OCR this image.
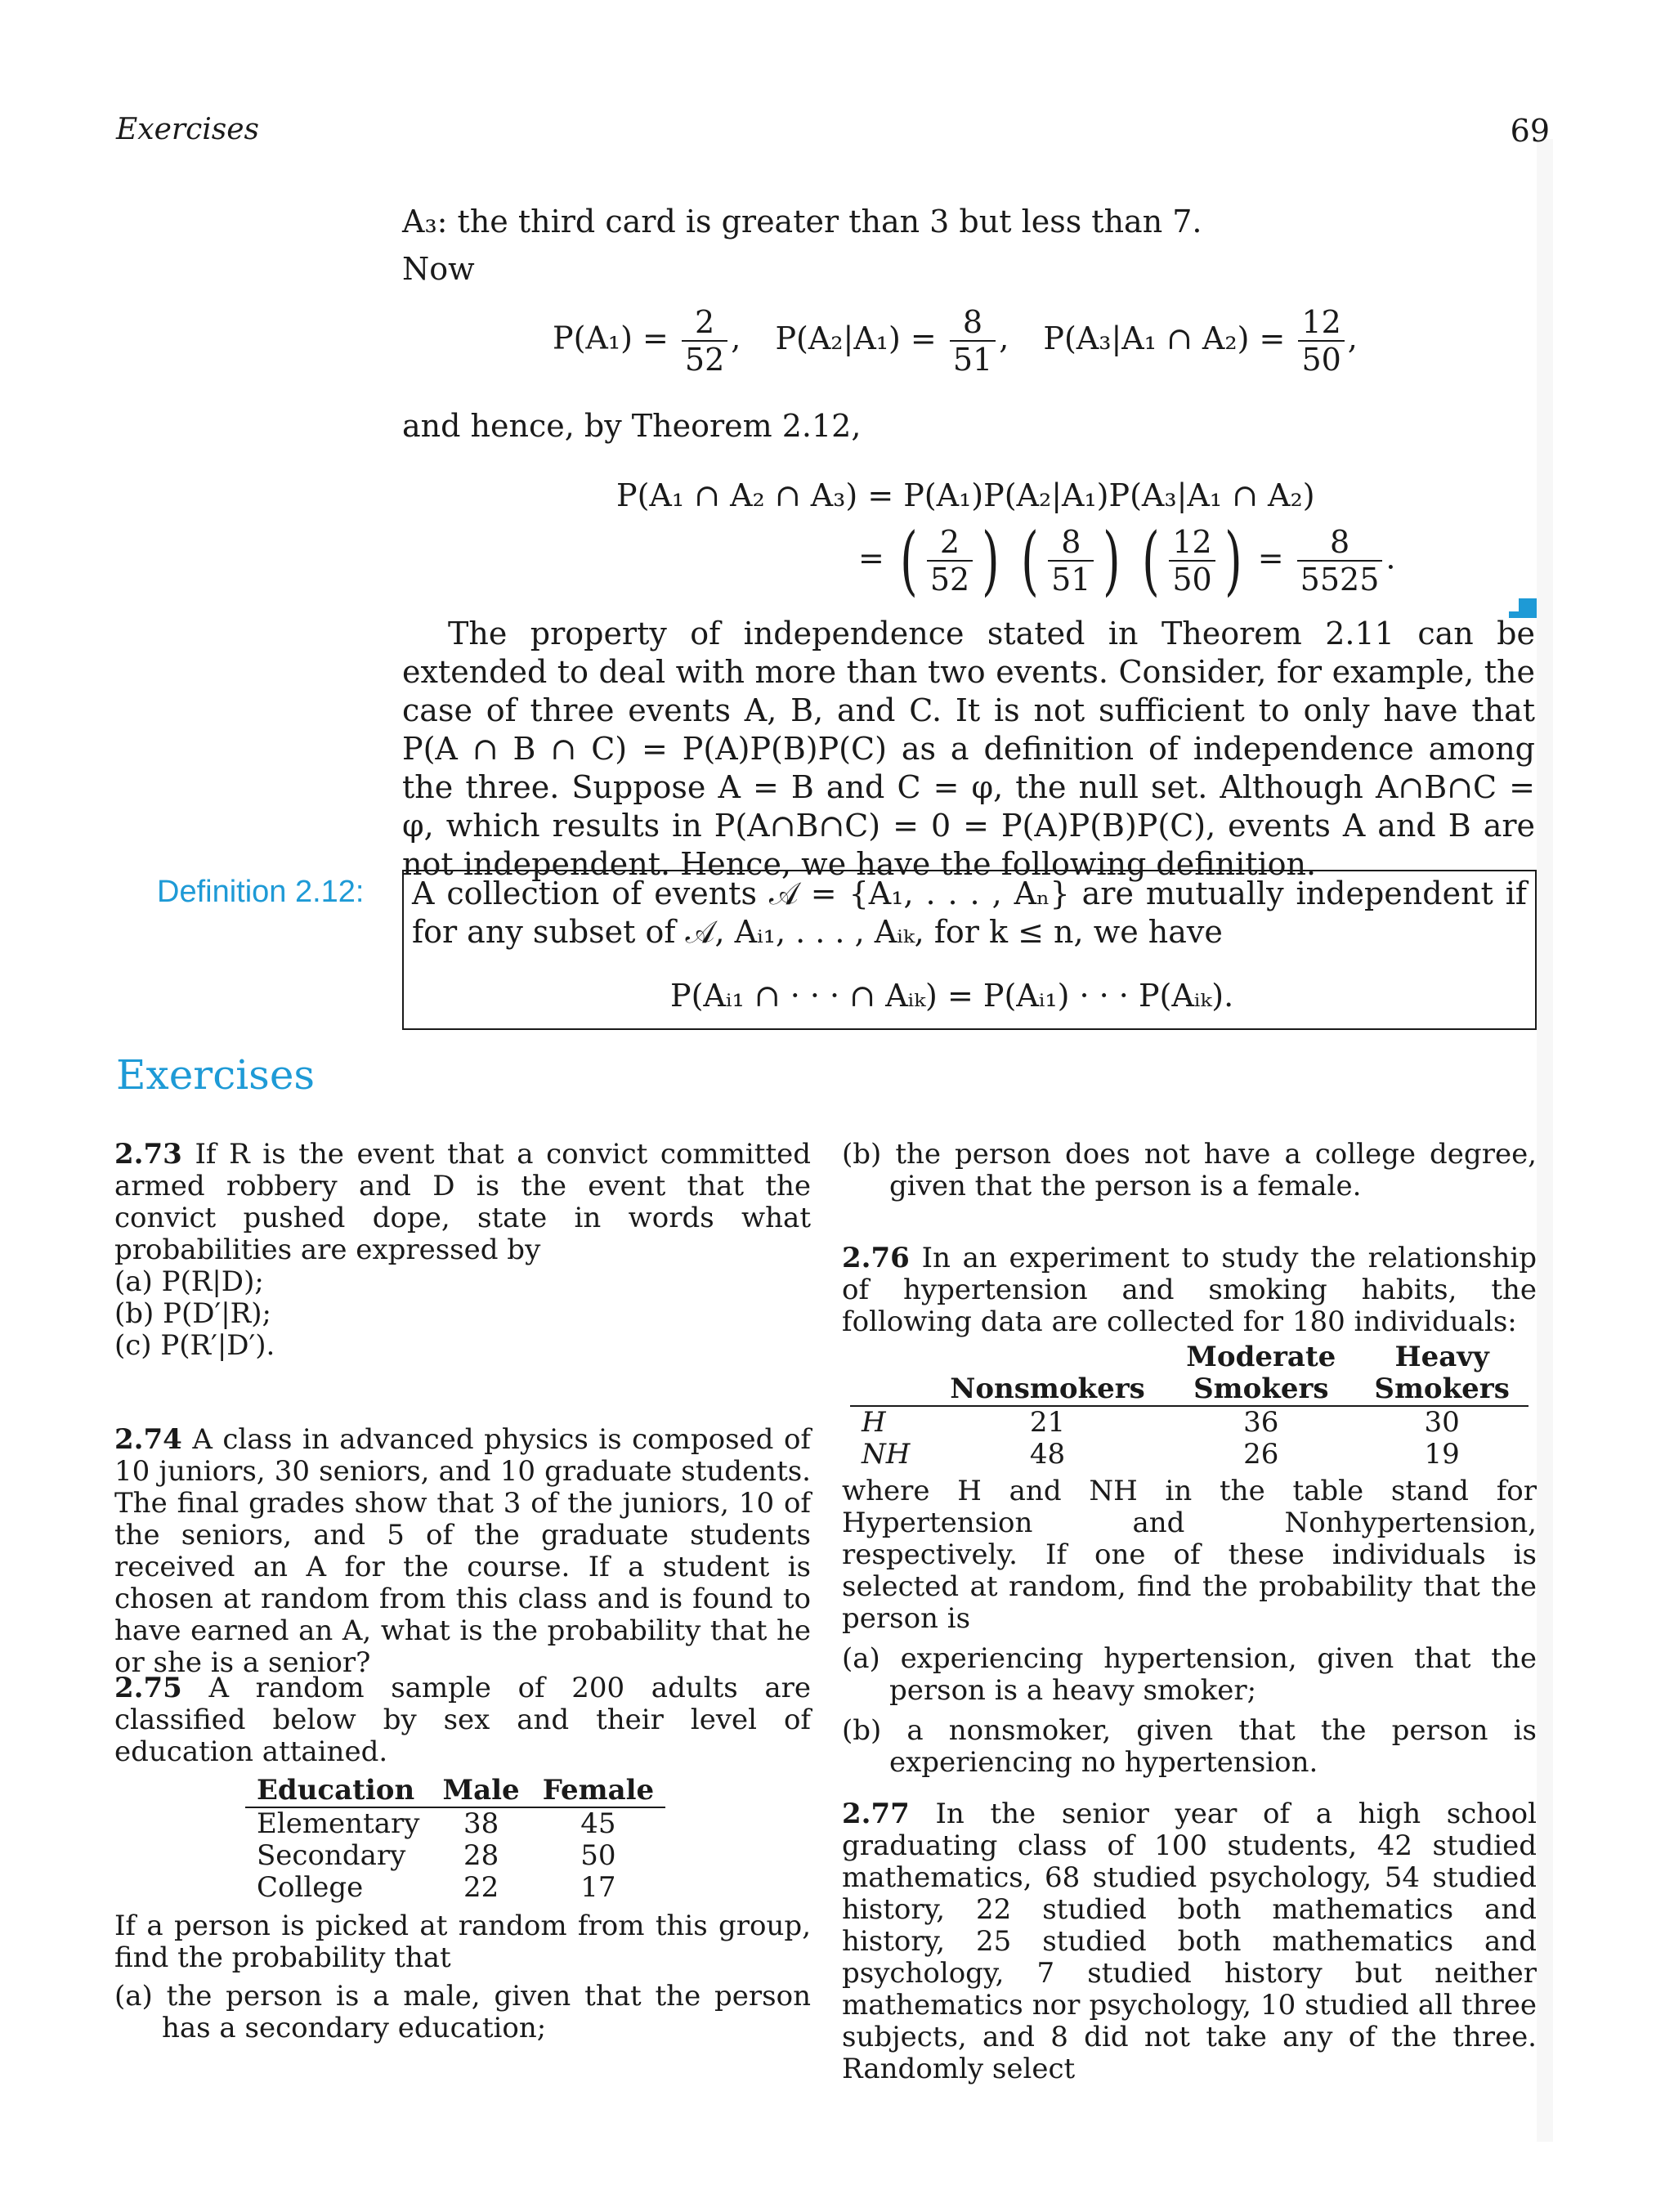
Exercises	69
A₃: the third card is greater than 3 but less than 7.
Now
$P(A_1) = \frac{2}{52}$ , $P(A_2|A_1) = \frac{8}{51}$ , P(A₃|A₁ ∩ $A_2) = \frac{12}{50}$ ,
and hence, by Theorem 2.12,
P(A₁ ∩ A₂ ∩ A₃) = P(A₁)P(A₂|A₁)P(A₃|A₁ ∩ A₂)
= ( $\frac{2}{52}$ ) ( $\frac{8}{51}$ ) ( $\frac{12}{50}$ ) = $\frac{8}{5525}$ .
The property of independence stated in Theorem 2.11 can be extended to deal with more than two events. Consider, for example, the case of three events A, B, and C. It is not sufficient to only have that P(A ∩ B ∩ C) = P(A)P(B)P(C) as a definition of independence among the three. Suppose A = B and C = φ, the null set. Although A∩B∩C = φ, which results in P(A∩B∩C) = 0 = P(A)P(B)P(C), events A and B are not independent. Hence, we have the following definition.
Definition 2.12: A collection of events 𝒜 = {A₁, . . . , Aₙ} are mutually independent if for any subset of 𝒜, Aᵢ₁, . . . , Aᵢₖ, for k ≤ n, we have
P(Aᵢ₁ ∩ · · · ∩ Aᵢₖ) = P(Aᵢ₁) · · · P(Aᵢₖ).
Exercises
2.73 If R is the event that a convict committed armed robbery and D is the event that the convict pushed dope, state in words what probabilities are expressed by
(a) P(R|D);
(b) P(D′|R);
(c) P(R′|D′).
2.74 A class in advanced physics is composed of 10 juniors, 30 seniors, and 10 graduate students. The final grades show that 3 of the juniors, 10 of the seniors, and 5 of the graduate students received an A for the course. If a student is chosen at random from this class and is found to have earned an A, what is the probability that he or she is a senior?
2.75 A random sample of 200 adults are classified below by sex and their level of education attained.
Education	Male	Female
Elementary	38	45
Secondary	28	50
College	22	17
If a person is picked at random from this group, find the probability that
(a) the person is a male, given that the person has a secondary education;
(b) the person does not have a college degree, given that the person is a female.
2.76 In an experiment to study the relationship of hypertension and smoking habits, the following data are collected for 180 individuals:
		Moderate	Heavy
	Nonsmokers	Smokers	Smokers
H	21	36	30
NH	48	26	19
where H and NH in the table stand for Hypertension and Nonhypertension, respectively. If one of these individuals is selected at random, find the probability that the person is
(a) experiencing hypertension, given that the person is a heavy smoker;
(b) a nonsmoker, given that the person is experiencing no hypertension.
2.77 In the senior year of a high school graduating class of 100 students, 42 studied mathematics, 68 studied psychology, 54 studied history, 22 studied both mathematics and history, 25 studied both mathematics and psychology, 7 studied history but neither mathematics nor psychology, 10 studied all three subjects, and 8 did not take any of the three. Randomly select
